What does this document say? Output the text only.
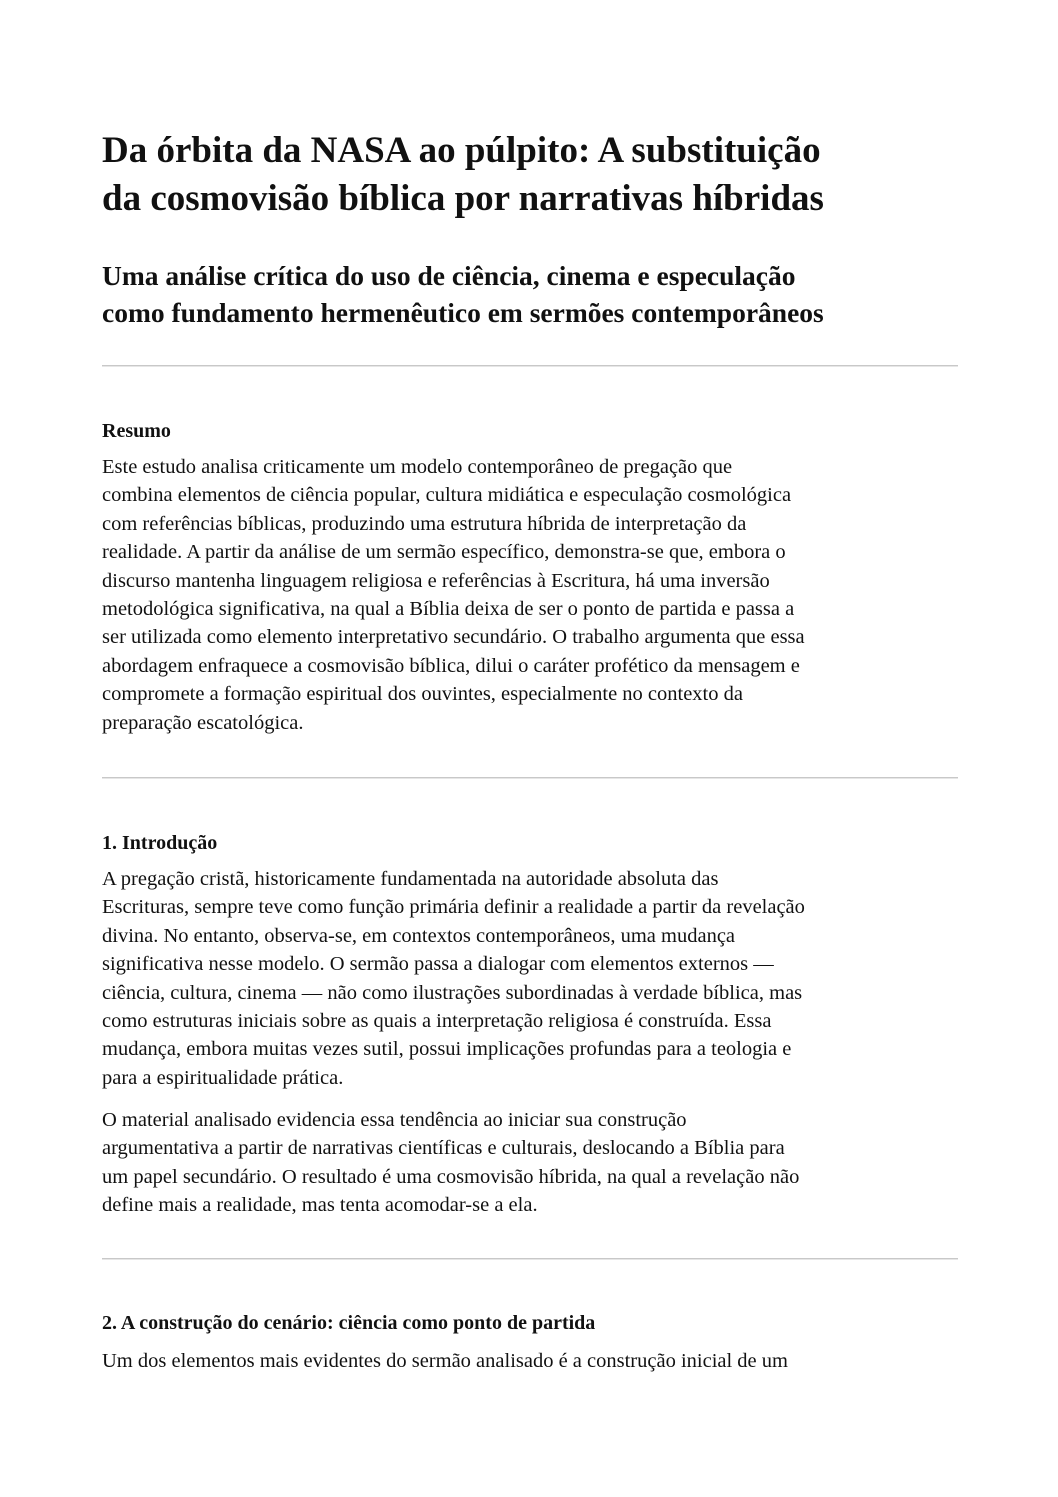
Da órbita da NASA ao púlpito: A substituição
da cosmovisão bíblica por narrativas híbridas
Uma análise crítica do uso de ciência, cinema e especulação
como fundamento hermenêutico em sermões contemporâneos
Resumo

Este estudo analisa criticamente um modelo contemporâneo de pregação que
combina elementos de ciência popular, cultura midiática e especulação cosmológica
com referências bíblicas, produzindo uma estrutura híbrida de interpretação da
realidade. A partir da análise de um sermão específico, demonstra-se que, embora o
discurso mantenha linguagem religiosa e referências à Escritura, há uma inversão
metodológica significativa, na qual a Bíblia deixa de ser o ponto de partida e passa a
ser utilizada como elemento interpretativo secundário. O trabalho argumenta que essa
abordagem enfraquece a cosmovisão bíblica, dilui o caráter profético da mensagem e
compromete a formação espiritual dos ouvintes, especialmente no contexto da
preparação escatológica.

1. Introdução

A pregação cristã, historicamente fundamentada na autoridade absoluta das
Escrituras, sempre teve como função primária definir a realidade a partir da revelação
divina. No entanto, observa-se, em contextos contemporâneos, uma mudança
significativa nesse modelo. O sermão passa a dialogar com elementos externos —
ciência, cultura, cinema — não como ilustrações subordinadas à verdade bíblica, mas
como estruturas iniciais sobre as quais a interpretação religiosa é construída. Essa
mudança, embora muitas vezes sutil, possui implicações profundas para a teologia e
para a espiritualidade prática.

O material analisado evidencia essa tendência ao iniciar sua construção
argumentativa a partir de narrativas científicas e culturais, deslocando a Bíblia para
um papel secundário. O resultado é uma cosmovisão híbrida, na qual a revelação não
define mais a realidade, mas tenta acomodar-se a ela.

2. A construção do cenário: ciência como ponto de partida

Um dos elementos mais evidentes do sermão analisado é a construção inicial de um
